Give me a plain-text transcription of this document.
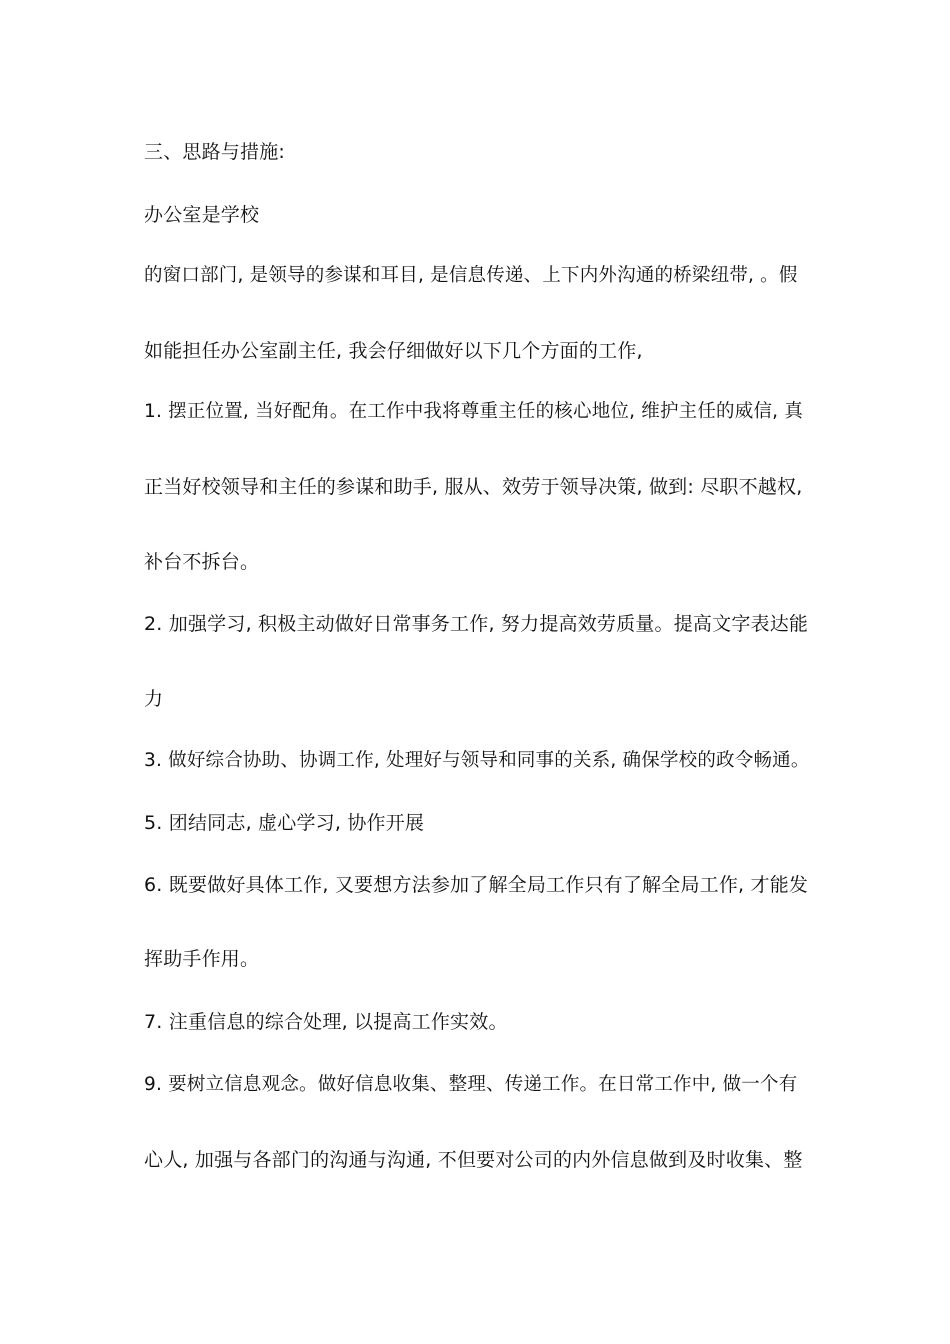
三、思路与措施:
办公室是学校
的窗口部门, 是领导的参谋和耳目, 是信息传递、上下内外沟通的桥梁纽带, 。假
如能担任办公室副主任, 我会仔细做好以下几个方面的工作,
1. 摆正位置, 当好配角。在工作中我将尊重主任的核心地位, 维护主任的威信, 真
正当好校领导和主任的参谋和助手, 服从、效劳于领导决策, 做到: 尽职不越权,
补台不拆台。
2. 加强学习, 积极主动做好日常事务工作, 努力提高效劳质量。提高文字表达能
力
3. 做好综合协助、协调工作, 处理好与领导和同事的关系, 确保学校的政令畅通。
5. 团结同志, 虚心学习, 协作开展
6. 既要做好具体工作, 又要想方法参加了解全局工作只有了解全局工作, 才能发
挥助手作用。
7. 注重信息的综合处理, 以提高工作实效。
9. 要树立信息观念。做好信息收集、整理、传递工作。在日常工作中, 做一个有
心人, 加强与各部门的沟通与沟通, 不但要对公司的内外信息做到及时收集、整
